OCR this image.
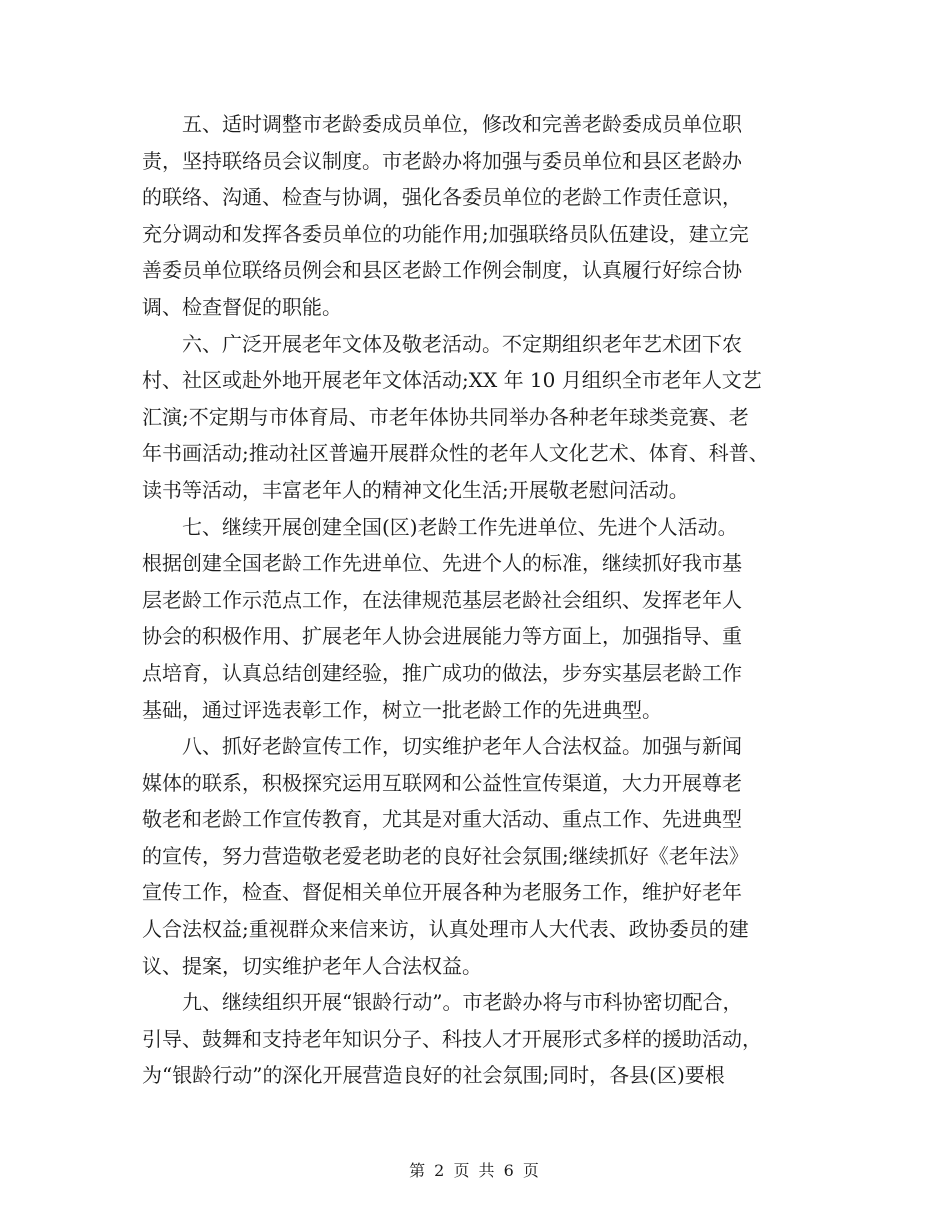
五、适时调整市老龄委成员单位，修改和完善老龄委成员单位职
责，坚持联络员会议制度。市老龄办将加强与委员单位和县区老龄办
的联络、沟通、检查与协调，强化各委员单位的老龄工作责任意识，
充分调动和发挥各委员单位的功能作用;加强联络员队伍建设，建立完
善委员单位联络员例会和县区老龄工作例会制度，认真履行好综合协
调、检查督促的职能。

六、广泛开展老年文体及敬老活动。不定期组织老年艺术团下农
村、社区或赴外地开展老年文体活动;XX 年 10 月组织全市老年人文艺
汇演;不定期与市体育局、市老年体协共同举办各种老年球类竞赛、老
年书画活动;推动社区普遍开展群众性的老年人文化艺术、体育、科普、
读书等活动，丰富老年人的精神文化生活;开展敬老慰问活动。

七、继续开展创建全国(区)老龄工作先进单位、先进个人活动。
根据创建全国老龄工作先进单位、先进个人的标准，继续抓好我市基
层老龄工作示范点工作，在法律规范基层老龄社会组织、发挥老年人
协会的积极作用、扩展老年人协会进展能力等方面上，加强指导、重
点培育，认真总结创建经验，推广成功的做法，步夯实基层老龄工作
基础，通过评选表彰工作，树立一批老龄工作的先进典型。

八、抓好老龄宣传工作，切实维护老年人合法权益。加强与新闻
媒体的联系，积极探究运用互联网和公益性宣传渠道，大力开展尊老
敬老和老龄工作宣传教育，尤其是对重大活动、重点工作、先进典型
的宣传，努力营造敬老爱老助老的良好社会氛围;继续抓好《老年法》
宣传工作，检查、督促相关单位开展各种为老服务工作，维护好老年
人合法权益;重视群众来信来访，认真处理市人大代表、政协委员的建
议、提案，切实维护老年人合法权益。

九、继续组织开展“银龄行动”。市老龄办将与市科协密切配合，
引导、鼓舞和支持老年知识分子、科技人才开展形式多样的援助活动，
为“银龄行动”的深化开展营造良好的社会氛围;同时，各县(区)要根

第 2 页 共 6 页
